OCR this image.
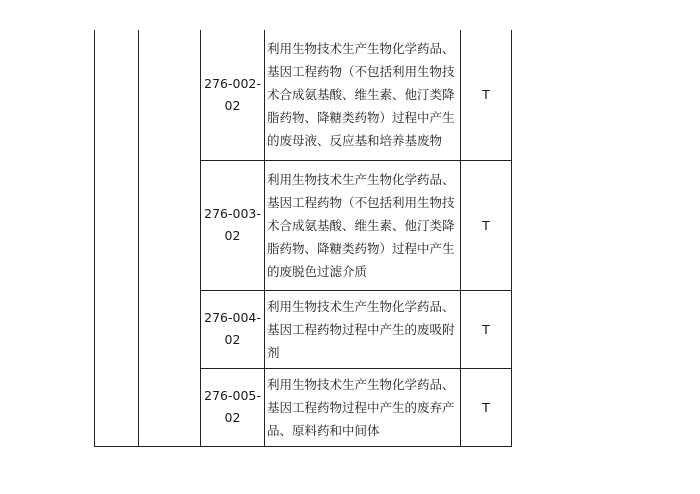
		276-002-02	利用生物技术生产生物化学药品、基因工程药物（不包括利用生物技术合成氨基酸、维生素、他汀类降脂药物、降糖类药物）过程中产生的废母液、反应基和培养基废物	T
		276-003-02	利用生物技术生产生物化学药品、基因工程药物（不包括利用生物技术合成氨基酸、维生素、他汀类降脂药物、降糖类药物）过程中产生的废脱色过滤介质	T
		276-004-02	利用生物技术生产生物化学药品、基因工程药物过程中产生的废吸附剂	T
		276-005-02	利用生物技术生产生物化学药品、基因工程药物过程中产生的废弃产品、原料药和中间体	T
